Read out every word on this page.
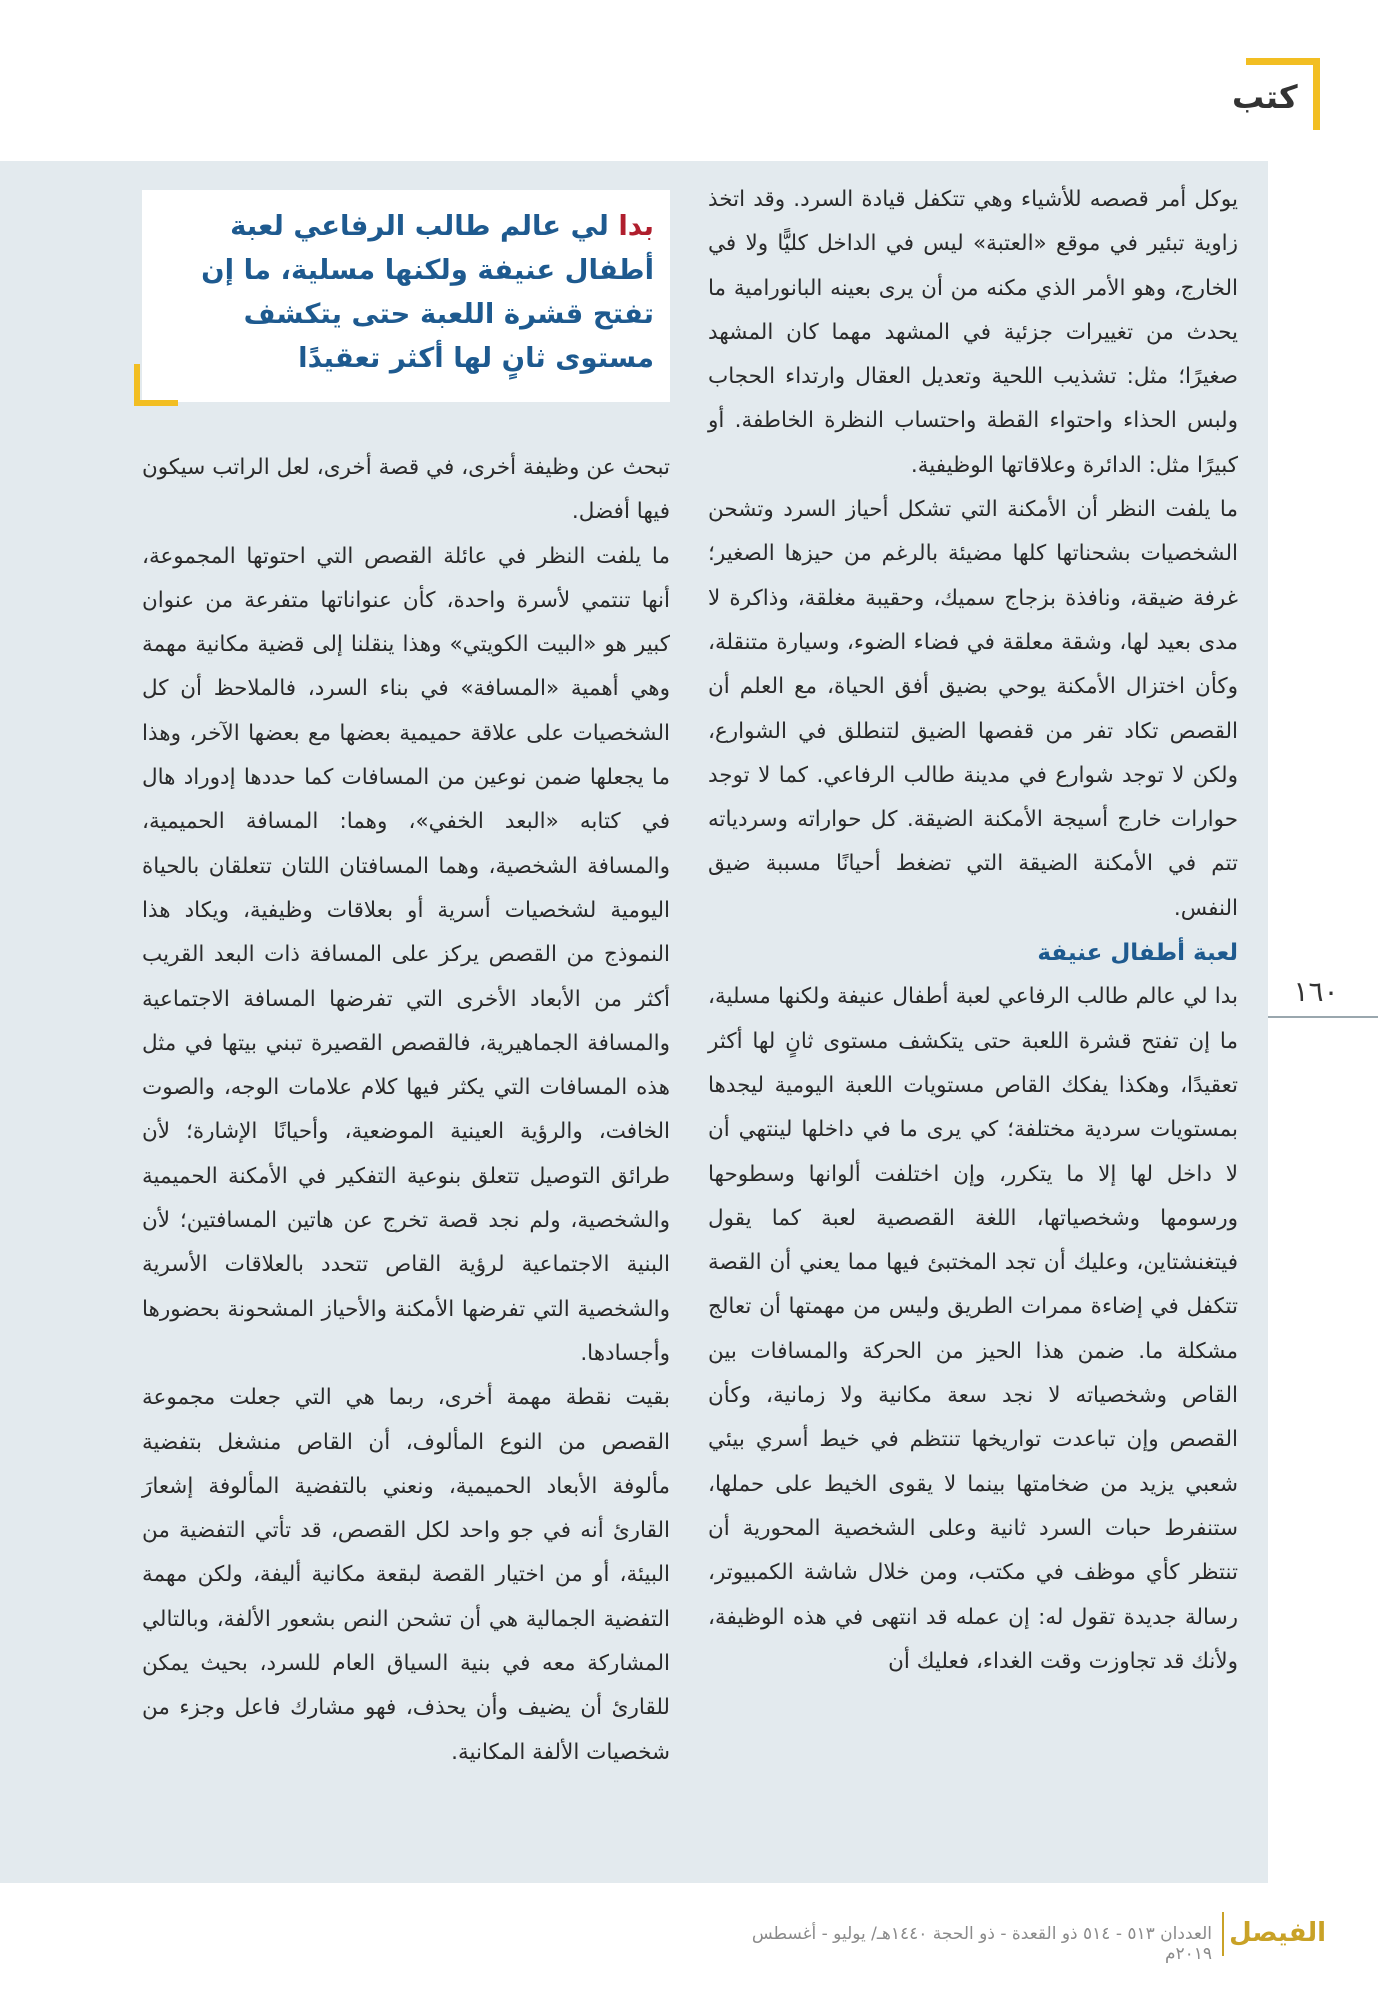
كتب
١٦٠
بدا لي عالم طالب الرفاعي لعبة أطفال عنيفة ولكنها مسلية، ما إن تفتح قشرة اللعبة حتى يتكشف مستوى ثانٍ لها أكثر تعقيدًا

يوكل أمر قصصه للأشياء وهي تتكفل قيادة السرد. وقد اتخذ زاوية تبئير في موقع «العتبة» ليس في الداخل كليًّا ولا في الخارج، وهو الأمر الذي مكنه من أن يرى بعينه البانورامية ما يحدث من تغييرات جزئية في المشهد مهما كان المشهد صغيرًا؛ مثل: تشذيب اللحية وتعديل العقال وارتداء الحجاب ولبس الحذاء واحتواء القطة واحتساب النظرة الخاطفة. أو كبيرًا مثل: الدائرة وعلاقاتها الوظيفية.

ما يلفت النظر أن الأمكنة التي تشكل أحياز السرد وتشحن الشخصيات بشحناتها كلها مضيئة بالرغم من حيزها الصغير؛ غرفة ضيقة، ونافذة بزجاج سميك، وحقيبة مغلقة، وذاكرة لا مدى بعيد لها، وشقة معلقة في فضاء الضوء، وسيارة متنقلة، وكأن اختزال الأمكنة يوحي بضيق أفق الحياة، مع العلم أن القصص تكاد تفر من قفصها الضيق لتنطلق في الشوارع، ولكن لا توجد شوارع في مدينة طالب الرفاعي. كما لا توجد حوارات خارج أسيجة الأمكنة الضيقة. كل حواراته وسردياته تتم في الأمكنة الضيقة التي تضغط أحيانًا مسببة ضيق النفس.

لعبة أطفال عنيفة

بدا لي عالم طالب الرفاعي لعبة أطفال عنيفة ولكنها مسلية، ما إن تفتح قشرة اللعبة حتى يتكشف مستوى ثانٍ لها أكثر تعقيدًا، وهكذا يفكك القاص مستويات اللعبة اليومية ليجدها بمستويات سردية مختلفة؛ كي يرى ما في داخلها لينتهي أن لا داخل لها إلا ما يتكرر، وإن اختلفت ألوانها وسطوحها ورسومها وشخصياتها، اللغة القصصية لعبة كما يقول فيتغنشتاين، وعليك أن تجد المختبئ فيها مما يعني أن القصة تتكفل في إضاءة ممرات الطريق وليس من مهمتها أن تعالج مشكلة ما. ضمن هذا الحيز من الحركة والمسافات بين القاص وشخصياته لا نجد سعة مكانية ولا زمانية، وكأن القصص وإن تباعدت تواريخها تنتظم في خيط أسري بيئي شعبي يزيد من ضخامتها بينما لا يقوى الخيط على حملها، ستنفرط حبات السرد ثانية وعلى الشخصية المحورية أن تنتظر كأي موظف في مكتب، ومن خلال شاشة الكمبيوتر، رسالة جديدة تقول له: إن عمله قد انتهى في هذه الوظيفة، ولأنك قد تجاوزت وقت الغداء، فعليك أن

تبحث عن وظيفة أخرى، في قصة أخرى، لعل الراتب سيكون فيها أفضل.

ما يلفت النظر في عائلة القصص التي احتوتها المجموعة، أنها تنتمي لأسرة واحدة، كأن عنواناتها متفرعة من عنوان كبير هو «البيت الكويتي» وهذا ينقلنا إلى قضية مكانية مهمة وهي أهمية «المسافة» في بناء السرد، فالملاحظ أن كل الشخصيات على علاقة حميمية بعضها مع بعضها الآخر، وهذا ما يجعلها ضمن نوعين من المسافات كما حددها إدوراد هال في كتابه «البعد الخفي»، وهما: المسافة الحميمية، والمسافة الشخصية، وهما المسافتان اللتان تتعلقان بالحياة اليومية لشخصيات أسرية أو بعلاقات وظيفية، ويكاد هذا النموذج من القصص يركز على المسافة ذات البعد القريب أكثر من الأبعاد الأخرى التي تفرضها المسافة الاجتماعية والمسافة الجماهيرية، فالقصص القصيرة تبني بيتها في مثل هذه المسافات التي يكثر فيها كلام علامات الوجه، والصوت الخافت، والرؤية العينية الموضعية، وأحيانًا الإشارة؛ لأن طرائق التوصيل تتعلق بنوعية التفكير في الأمكنة الحميمية والشخصية، ولم نجد قصة تخرج عن هاتين المسافتين؛ لأن البنية الاجتماعية لرؤية القاص تتحدد بالعلاقات الأسرية والشخصية التي تفرضها الأمكنة والأحياز المشحونة بحضورها وأجسادها.

بقيت نقطة مهمة أخرى، ربما هي التي جعلت مجموعة القصص من النوع المألوف، أن القاص منشغل بتفضية مألوفة الأبعاد الحميمية، ونعني بالتفضية المألوفة إشعارَ القارئ أنه في جو واحد لكل القصص، قد تأتي التفضية من البيئة، أو من اختيار القصة لبقعة مكانية أليفة، ولكن مهمة التفضية الجمالية هي أن تشحن النص بشعور الألفة، وبالتالي المشاركة معه في بنية السياق العام للسرد، بحيث يمكن للقارئ أن يضيف وأن يحذف، فهو مشارك فاعل وجزء من شخصيات الألفة المكانية.

الفيصل
العددان ٥١٣ - ٥١٤ ذو القعدة - ذو الحجة ١٤٤٠هـ/ يوليو - أغسطس ٢٠١٩م
